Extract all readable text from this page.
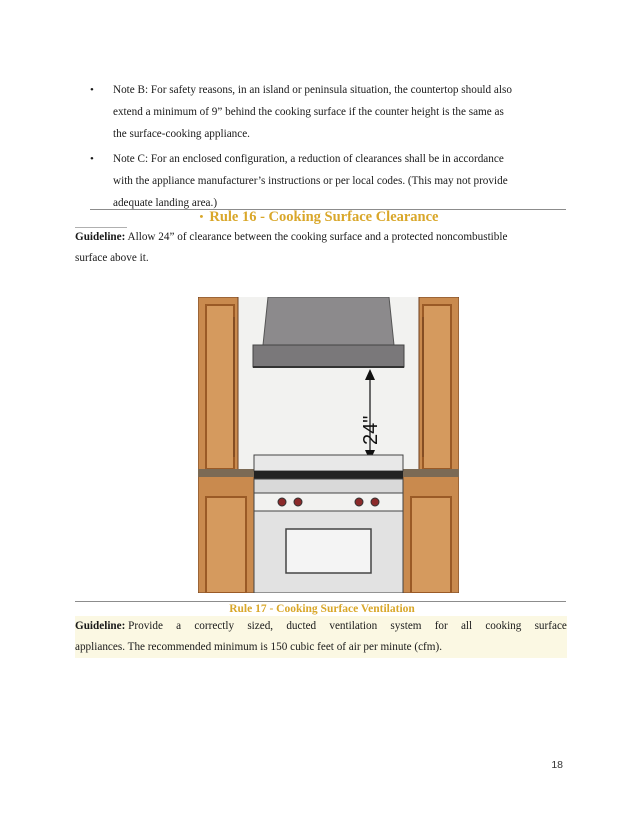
• Note B: For safety reasons, in an island or peninsula situation, the countertop should also
extend a minimum of 9” behind the cooking surface if the counter height is the same as
the surface-cooking appliance.
• Note C: For an enclosed configuration, a reduction of clearances shall be in accordance
with the appliance manufacturer’s instructions or per local codes. (This may not provide
adequate landing area.)
• Rule 16 - Cooking Surface Clearance
Guideline: Allow 24” of clearance between the cooking surface and a protected noncombustible
surface above it.
24"
Rule 17 - Cooking Surface Ventilation
Guideline: Provide a correctly sized, ducted ventilation system for all cooking surface
appliances. The recommended minimum is 150 cubic feet of air per minute (cfm).
18
